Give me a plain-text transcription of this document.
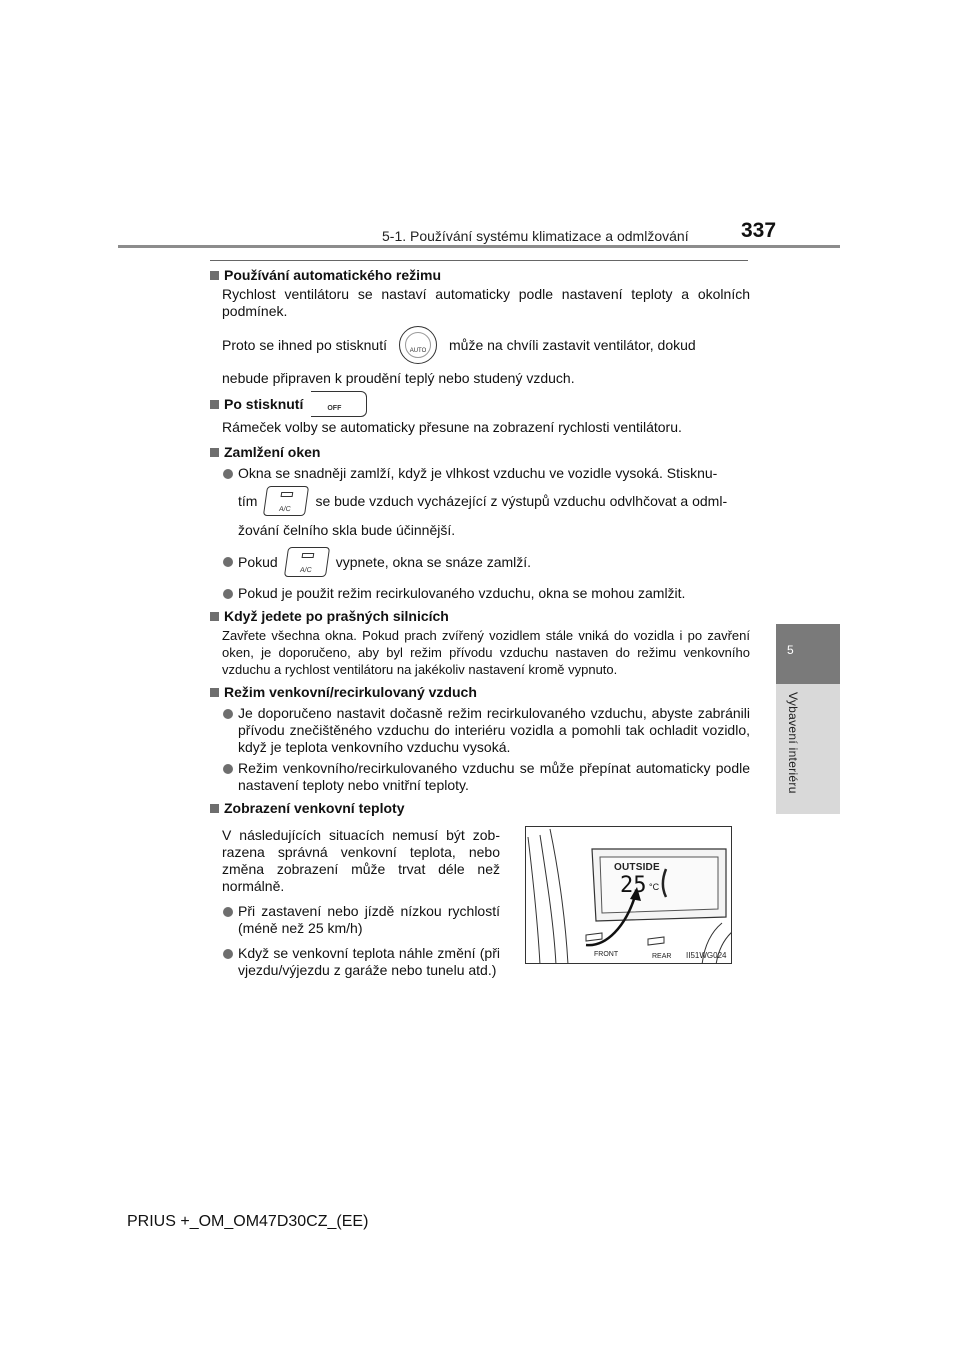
5-1. Používání systému klimatizace a odmlžování 337
5
Vybavení interiéru
Používání automatického režimu
Rychlost ventilátoru se nastaví automaticky podle nastavení teploty a okolních podmínek.
Proto se ihned po stisknutí	AUTO	může na chvíli zastavit ventilátor, dokud
nebude připraven k proudění teplý nebo studený vzduch.
Po stisknutí	OFF
Rámeček volby se automaticky přesune na zobrazení rychlosti ventilátoru.
Zamlžení oken
Okna se snadněji zamlží, když je vlhkost vzduchu ve vozidle vysoká. Stisknu-
tím
A/C
se bude vzduch vycházející z výstupů vzduchu odvlhčovat a odml-
žování čelního skla bude účinnější.
Pokud
A/C
vypnete, okna se snáze zamlží.
Pokud je použit režim recirkulovaného vzduchu, okna se mohou zamlžit.
Když jedete po prašných silnicích
Zavřete všechna okna. Pokud prach zvířený vozidlem stále vniká do vozidla i po zavření oken, je doporučeno, aby byl režim přívodu vzduchu nastaven do režimu venkovního vzduchu a rychlost ventilátoru na jakékoliv nastavení kromě vypnuto.
Režim venkovní/recirkulovaný vzduch
Je doporučeno nastavit dočasně režim recirkulovaného vzduchu, abyste zabránili přívodu znečištěného vzduchu do interiéru vozidla a pomohli tak ochladit vozidlo, když je teplota venkovního vzduchu vysoká.
Režim venkovního/recirkulovaného vzduchu se může přepínat automaticky podle nastavení teploty nebo vnitřní teploty.
Zobrazení venkovní teploty
V následujících situacích nemusí být zobrazena správná venkovní teplota, nebo změna zobrazení může trvat déle než normálně.
Při zastavení nebo jízdě nízkou rychlostí (méně než 25 km/h)
Když se venkovní teplota náhle změní (při vjezdu/výjezdu z garáže nebo tunelu atd.)
OUTSIDE
25 °C
FRONT	REAR II51WG024
PRIUS +_OM_OM47D30CZ_(EE)
